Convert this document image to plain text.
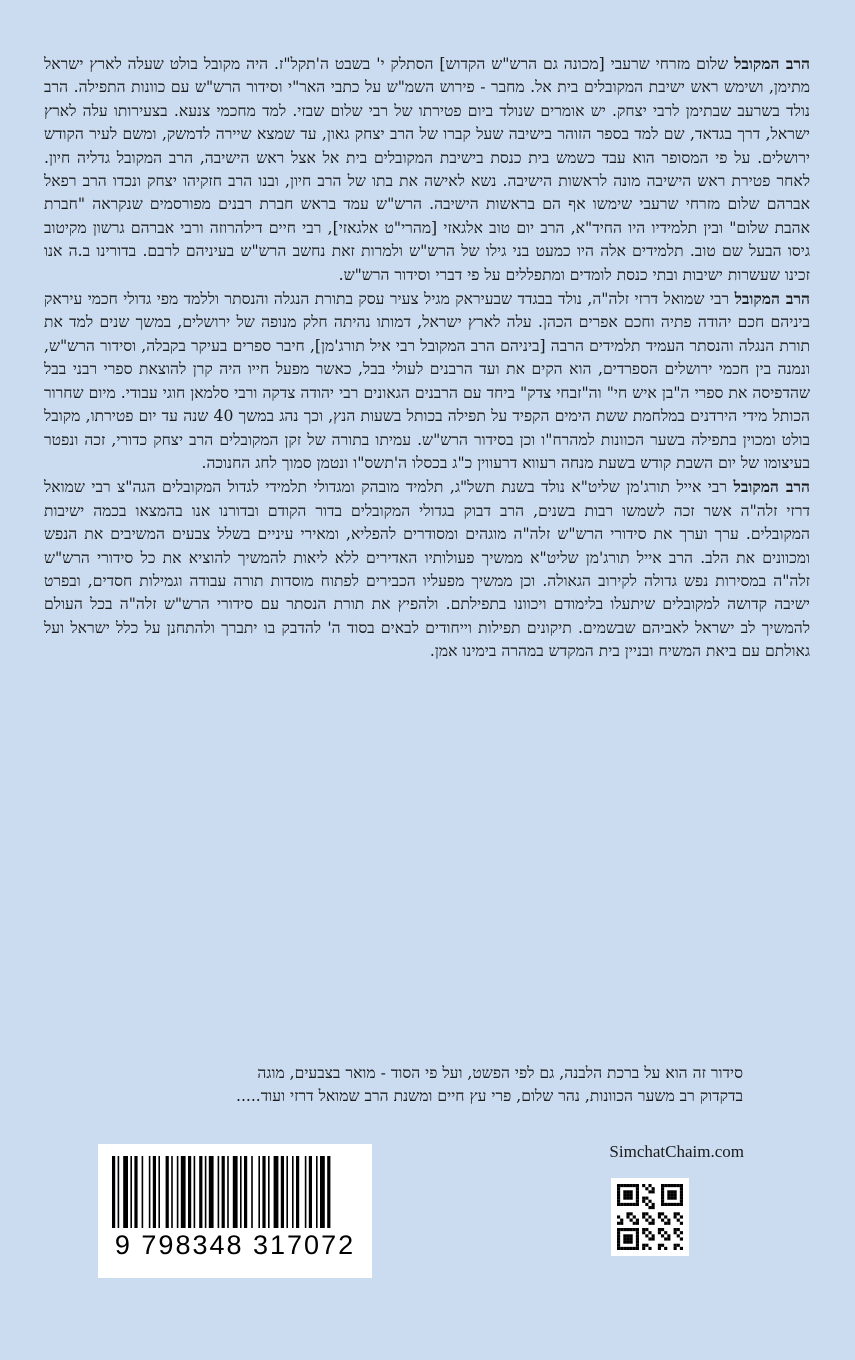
הרב המקובל שלום מזרחי שרעבי [מכונה גם הרש"ש הקדוש] הסתלק י' בשבט ה'תקל"ז. היה מקובל בולט שעלה לארץ ישראל מתימן, ושימש ראש ישיבת המקובלים בית אל. מחבר - פירוש השמ"ש על כתבי האר"י וסידור הרש"ש עם כוונות התפילה. הרב נולד בשרעב שבתימן לרבי יצחק. יש אומרים שנולד ביום פטירתו של רבי שלום שבזי. למד מחכמי צנעא. בצעירותו עלה לארץ ישראל, דרך בגדאד, שם למד בספר הזוהר בישיבה שעל קברו של הרב יצחק גאון, עד שמצא שיירה לדמשק, ומשם לעיר הקודש ירושלים. על פי המסופר הוא עבד כשמש בית כנסת בישיבת המקובלים בית אל אצל ראש הישיבה, הרב המקובל גדליה חיון. לאחר פטירת ראש הישיבה מונה לראשות הישיבה. נשא לאישה את בתו של הרב חיון, ובנו הרב חזקיהו יצחק ונכדו הרב רפאל אברהם שלום מזרחי שרעבי שימשו אף הם בראשות הישיבה. הרש"ש עמד בראש חברת רבנים מפורסמים שנקראה "חברת אהבת שלום" ובין תלמידיו היו החיד"א, הרב יום טוב אלגאזי [מהרי"ט אלגאזי], רבי חיים דילהרוזה ורבי אברהם גרשון מקיטוב גיסו הבעל שם טוב. תלמידים אלה היו כמעט בני גילו של הרש"ש ולמרות זאת נחשב הרש"ש בעיניהם לרבם. בדורינו ב.ה אנו זכינו שעשרות ישיבות ובתי כנסת לומדים ומתפללים על פי דברי וסידור הרש"ש.

הרב המקובל רבי שמואל דרזי זלה"ה, נולד בבגדד שבעיראק מגיל צעיר עסק בתורת הנגלה והנסתר וללמד מפי גדולי חכמי עיראק ביניהם חכם יהודה פתיה וחכם אפרים הכהן. עלה לארץ ישראל, דמותו נהיתה חלק מנופה של ירושלים, במשך שנים למד את תורת הנגלה והנסתר העמיד תלמידים הרבה [ביניהם הרב המקובל רבי איל תורג'מן], חיבר ספרים בעיקר בקבלה, וסידור הרש"ש, ונמנה בין חכמי ירושלים הספרדים, הוא הקים את ועד הרבנים לעולי בבל, כאשר מפעל חייו היה קרן להוצאת ספרי רבני בבל שהדפיסה את ספרי ה"בן איש חי" וה"זבחי צדק" ביחד עם הרבנים הגאונים רבי יהודה צדקה ורבי סלמאן חוגי עבודי. מיום שחרור הכותל מידי הירדנים במלחמת ששת הימים הקפיד על תפילה בכותל בשעות הנץ, וכך נהג במשך 40 שנה עד יום פטירתו, מקובל בולט ומכוין בתפילה בשער הכוונות למהרח"ו וכן בסידור הרש"ש. עמיתו בתורה של זקן המקובלים הרב יצחק כדורי, זכה ונפטר בעיצומו של יום השבת קודש בשעת מנחה רעווא דרעווין כ"ג בכסלו ה'תשס"ו ונטמן סמוך לחג החנוכה.

הרב המקובל רבי אייל תורג'מן שליט"א נולד בשנת תשל"ג, תלמיד מובהק ומגדולי תלמידי לגדול המקובלים הגה"צ רבי שמואל דרזי זלה"ה אשר זכה לשמשו רבות בשנים, הרב דבוק בגדולי המקובלים בדור הקודם ובדורנו אנו בהמצאו בכמה ישיבות המקובלים. ערך וערך את סידורי הרש"ש זלה"ה מוגהים ומסודרים להפליא, ומאירי עיניים בשלל צבעים המשיבים את הנפש ומכוונים את הלב. הרב אייל תורג'מן שליט"א ממשיך פעולותיו האדירים ללא ליאות להמשיך להוציא את כל סידורי הרש"ש זלה"ה במסירות נפש גדולה לקירוב הגאולה. וכן ממשיך מפעליו הכבירים לפתוח מוסדות תורה עבודה וגמילות חסדים, ובפרט ישיבה קדושה למקובלים שיתעלו בלימודם ויכוונו בתפילתם. ולהפיץ את תורת הנסתר עם סידורי הרש"ש זלה"ה בכל העולם להמשיך לב ישראל לאביהם שבשמים. תיקונים תפילות וייחודים לבאים בסוד ה' להדבק בו יתברך ולהתחנן על כלל ישראל ועל גאולתם עם ביאת המשיח ובניין בית המקדש במהרה בימינו אמן.

סידור זה הוא על ברכת הלבנה, גם לפי הפשט, ועל פי הסוד - מואר בצבעים, מוגה בדקדוק רב משער הכוונות, נהר שלום, פרי עץ חיים ומשנת הרב שמואל דרזי ועוד.....
SimchatChaim.com
9 798348 317072
